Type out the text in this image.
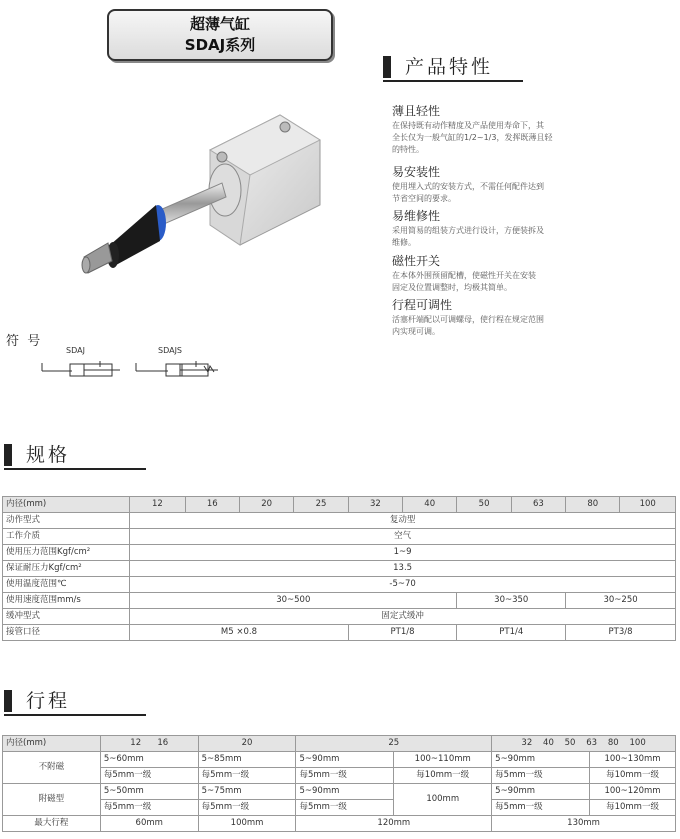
超薄气缸
SDAJ系列
产品特性
薄且轻性
在保持既有动作精度及产品使用寿命下，其
全长仅为一般气缸的1/2~1/3，发挥既薄且轻
的特性。
易安装性
使用埋入式的安装方式，不需任何配件达到
节省空间的要求。
易维修性
采用简易的组装方式进行设计，方便装拆及
维修。
磁性开关
在本体外围预留配槽，使磁性开关在安装
固定及位置调整时，均极其简单。
行程可调性
活塞杆端配以可调螺母，使行程在规定范围
内实现可调。
符  号
SDAJ	SDAJS
规格
内径(mm)	12	16	20	25	32	40	50	63	80	100
动作型式	复动型									
工作介质	空气									
使用压力范围Kgf/cm²	1~9									
保证耐压力Kgf/cm²	13.5									
使用温度范围℃	-5~70									
使用速度范围mm/s	30~500						30~350		30~250	
缓冲型式	固定式缓冲									
接管口径	M5 ×0.8				PT1/8		PT1/4		PT3/8	
行程
内径(mm)	12      16	20	25		32    40    50    63    80    100	
不附磁	5~60mm	5~85mm	5~90mm	100~110mm	5~90mm	100~130mm
	每5mm一级	每5mm一级	每5mm一级	每10mm一级	每5mm一级	每10mm一级
附磁型	5~50mm	5~75mm	5~90mm	100mm	5~90mm	100~120mm
	每5mm一级	每5mm一级	每5mm一级		每5mm一级	每10mm一级
最大行程	60mm	100mm	120mm		130mm	
